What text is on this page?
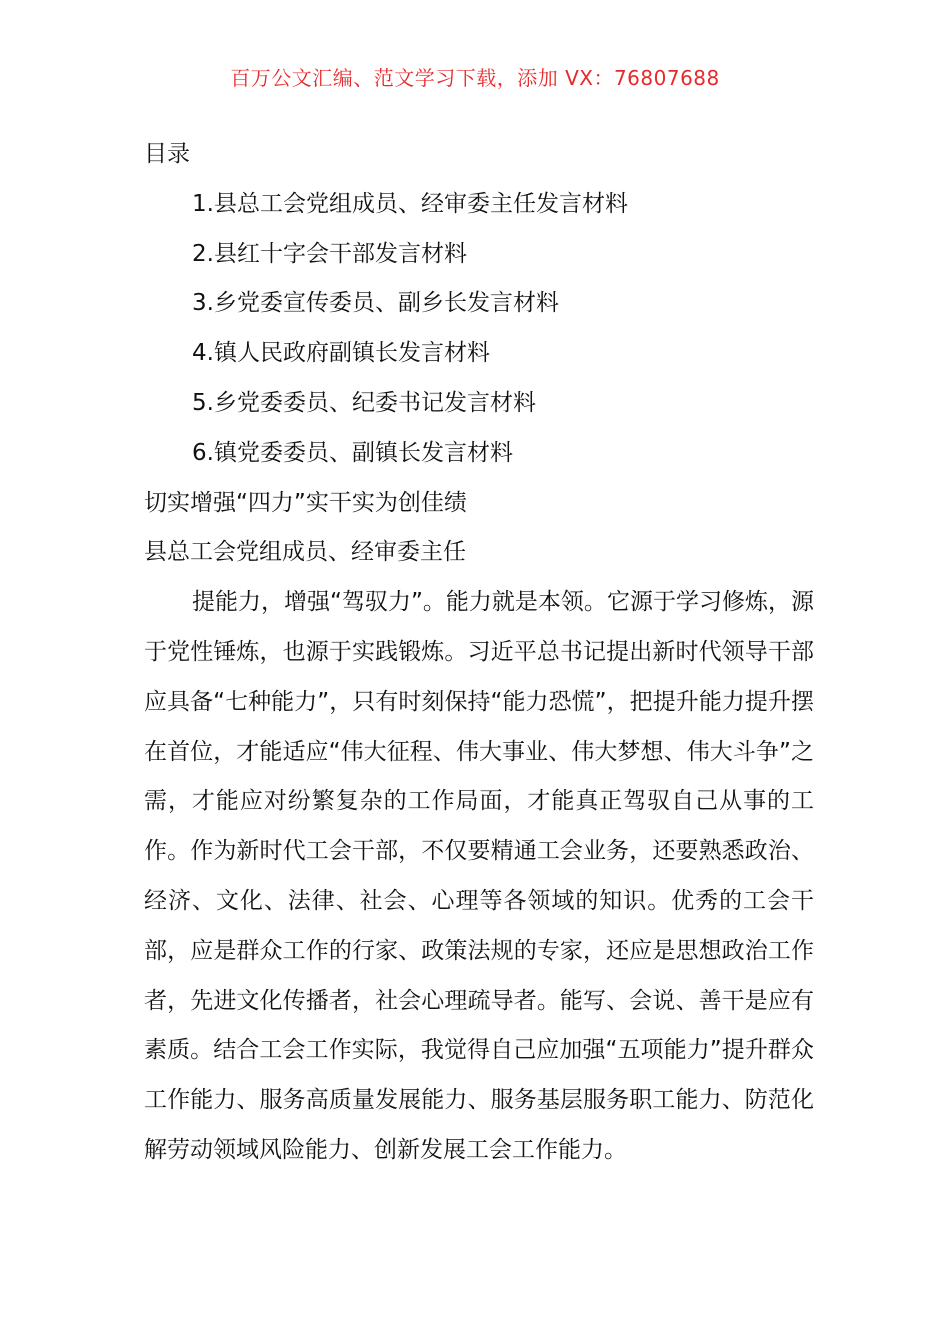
百万公文汇编、范文学习下载，添加 VX：76807688
目录
1.县总工会党组成员、经审委主任发言材料
2.县红十字会干部发言材料
3.乡党委宣传委员、副乡长发言材料
4.镇人民政府副镇长发言材料
5.乡党委委员、纪委书记发言材料
6.镇党委委员、副镇长发言材料
切实增强“四力”实干实为创佳绩
县总工会党组成员、经审委主任

提能力，增强“驾驭力”。能力就是本领。它源于学习修炼，源于党性锤炼，也源于实践锻炼。习近平总书记提出新时代领导干部应具备“七种能力”，只有时刻保持“能力恐慌”，把提升能力提升摆在首位，才能适应“伟大征程、伟大事业、伟大梦想、伟大斗争”之需，才能应对纷繁复杂的工作局面，才能真正驾驭自己从事的工作。作为新时代工会干部，不仅要精通工会业务，还要熟悉政治、经济、文化、法律、社会、心理等各领域的知识。优秀的工会干部，应是群众工作的行家、政策法规的专家，还应是思想政治工作者，先进文化传播者，社会心理疏导者。能写、会说、善干是应有素质。结合工会工作实际，我觉得自己应加强“五项能力”提升群众工作能力、服务高质量发展能力、服务基层服务职工能力、防范化解劳动领域风险能力、创新发展工会工作能力。
